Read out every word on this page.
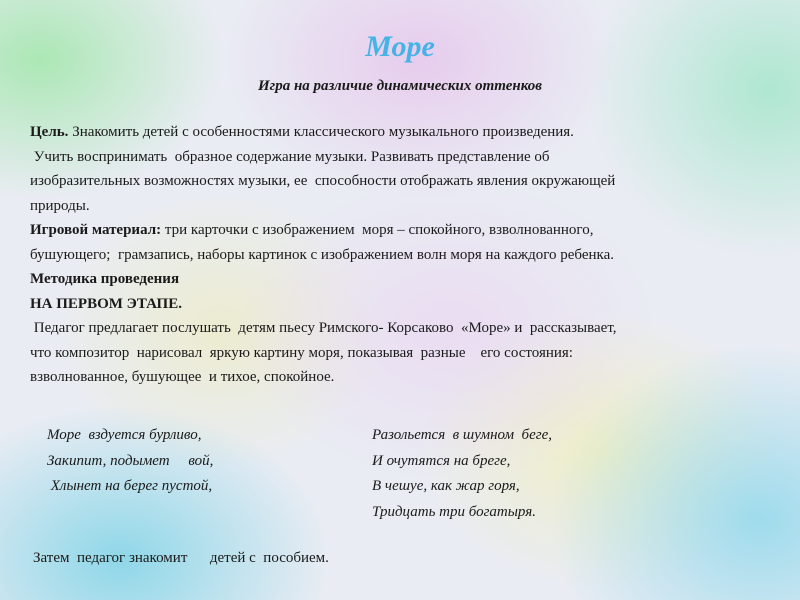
Море
Игра на различие динамических оттенков

Цель. Знакомить детей с особенностями классического музыкального произведения.

Учить воспринимать  образное содержание музыки. Развивать представление об

изобразительных возможностях музыки, ее  способности отображать явления окружающей

природы.

Игровой материал: три карточки с изображением  моря – спокойного, взволнованного,

бушующего;  грамзапись, наборы картинок с изображением волн моря на каждого ребенка.

Методика проведения

НА ПЕРВОМ ЭТАПЕ.

Педагог предлагает послушать  детям пьесу Римского- Корсаково  «Море» и  рассказывает,

что композитор  нарисовал  яркую картину моря, показывая  разные    его состояния:

взволнованное, бушующее  и тихое, спокойное.

Море  вздуется бурливо,

Закипит, подымет     вой,

Хлынет на берег пустой,

Разольется  в шумном  беге,

И очутятся на бреге,

В чешуе, как жар горя,

Тридцать три богатыря.

Затем  педагог знакомит      детей с  пособием.
